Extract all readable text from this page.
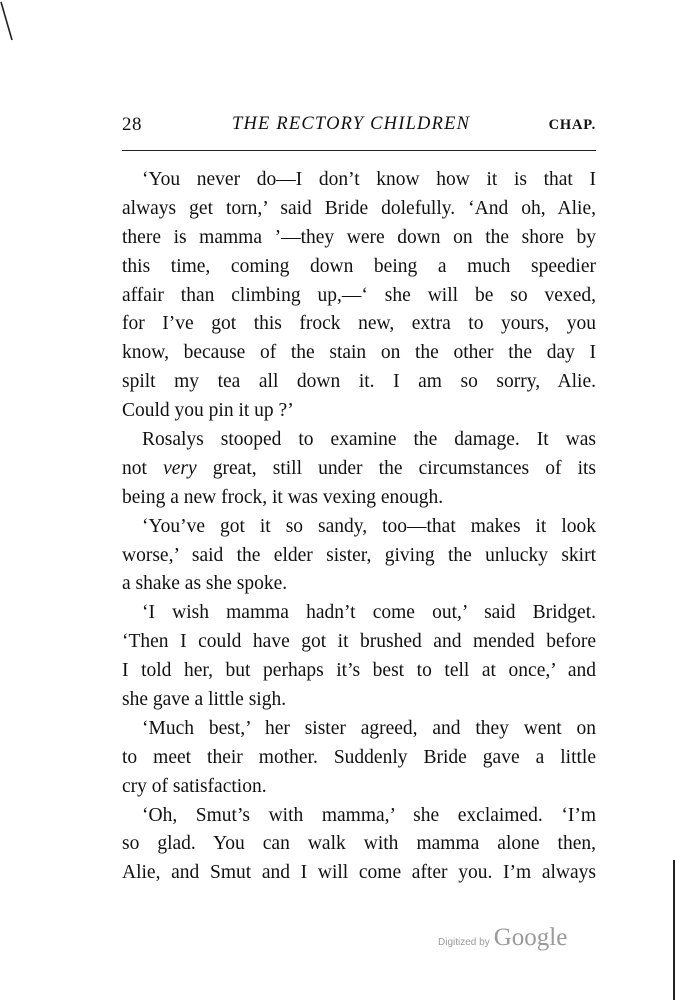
28	THE RECTORY CHILDREN	CHAP.
‘You never do—I don’t know how it is that I
always get torn,’ said Bride dolefully. ‘And oh, Alie,
there is mamma ’—they were down on the shore by
this time, coming down being a much speedier
affair than climbing up,—‘ she will be so vexed,
for I’ve got this frock new, extra to yours, you
know, because of the stain on the other the day I
spilt my tea all down it. I am so sorry, Alie.
Could you pin it up ?’
Rosalys stooped to examine the damage. It was
not very great, still under the circumstances of its
being a new frock, it was vexing enough.
‘You’ve got it so sandy, too—that makes it look
worse,’ said the elder sister, giving the unlucky skirt
a shake as she spoke.
‘I wish mamma hadn’t come out,’ said Bridget.
‘Then I could have got it brushed and mended before
I told her, but perhaps it’s best to tell at once,’ and
she gave a little sigh.
‘Much best,’ her sister agreed, and they went on
to meet their mother. Suddenly Bride gave a little
cry of satisfaction.
‘Oh, Smut’s with mamma,’ she exclaimed. ‘I’m
so glad. You can walk with mamma alone then,
Alie, and Smut and I will come after you. I’m always
Digitized by Google
